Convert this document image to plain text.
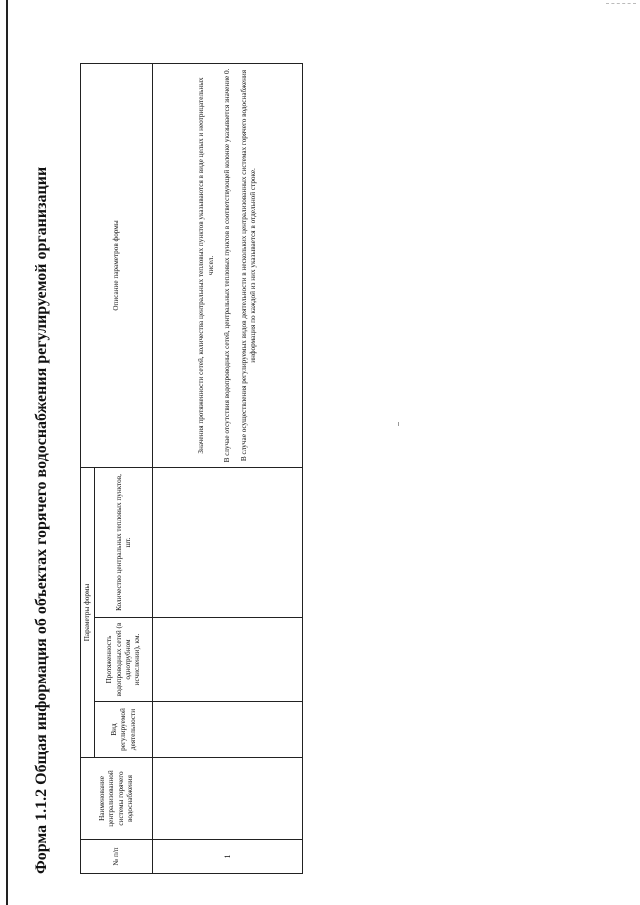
Форма 1.1.2 Общая информация об объектах горячего водоснабжения регулируемой организации	№ п/п	Наименование централизованной системы горячего водоснабжения	Параметры формы			Описание параметров формы
		Вид регулируемой деятельности	Протяженность водопроводных сетей (в однотрубном исчислении), км.	Количество центральных тепловых пунктов, шт.	
1					Значения протяженности сетей, количества центральных тепловых пунктов указываются в виде целых и неотрицательных чисел. В случае отсутствия водопроводных сетей, центральных тепловых пунктов в соответствующей колонке указывается значение 0. В случае осуществления регулируемых видов деятельности в нескольких централизованных системах горячего водоснабжения информация по каждой из них указывается в отдельной строке.
